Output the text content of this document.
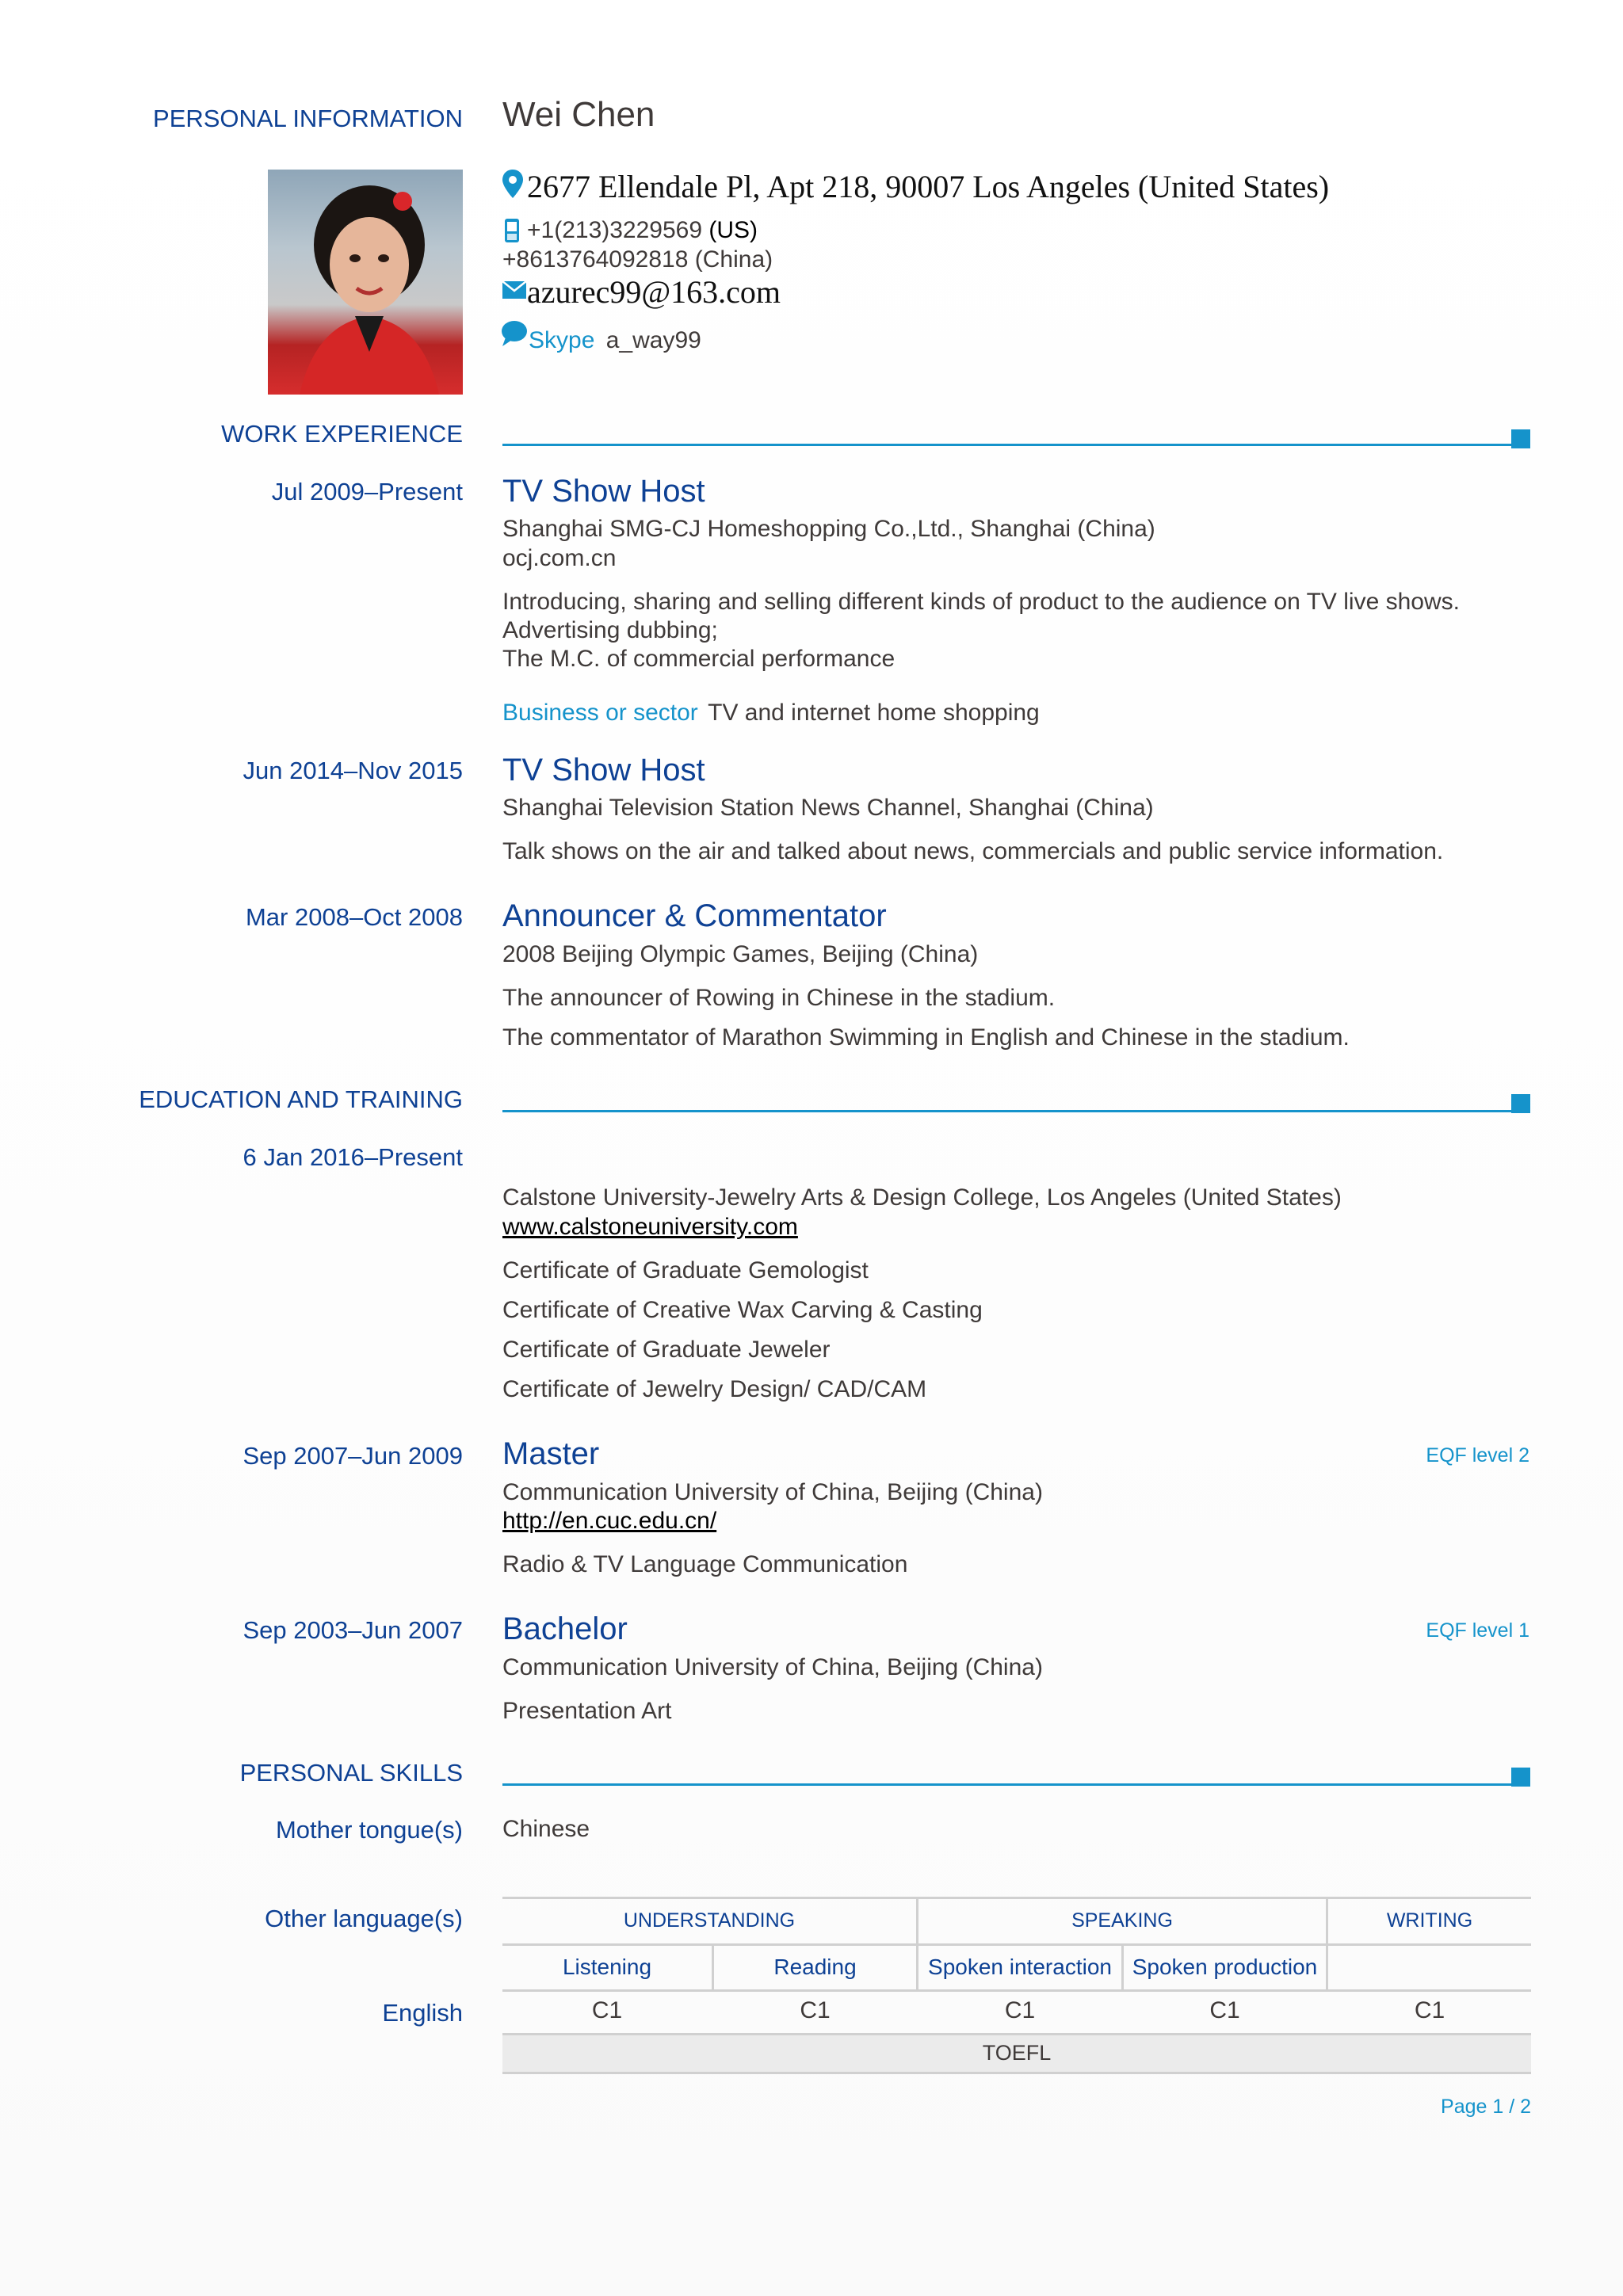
PERSONAL INFORMATION Wei Chen
2677 Ellendale Pl, Apt 218, 90007 Los Angeles (United States)
+1(213)3229569 (US)
+8613764092818 (China)
azurec99@163.com
Skype a_way99
WORK EXPERIENCE
Jul 2009–Present TV Show Host
Shanghai SMG-CJ Homeshopping Co.,Ltd., Shanghai (China)
ocj.com.cn
Introducing, sharing and selling different kinds of product to the audience on TV live shows.
Advertising dubbing;
The M.C. of commercial performance
Business or sector TV and internet home shopping
Jun 2014–Nov 2015 TV Show Host
Shanghai Television Station News Channel, Shanghai (China)
Talk shows on the air and talked about news, commercials and public service information.
Mar 2008–Oct 2008 Announcer & Commentator
2008 Beijing Olympic Games, Beijing (China)
The announcer of Rowing in Chinese in the stadium.
The commentator of Marathon Swimming in English and Chinese in the stadium.
EDUCATION AND TRAINING
6 Jan 2016–Present
Calstone University-Jewelry Arts & Design College, Los Angeles (United States)
www.calstoneuniversity.com
Certificate of Graduate Gemologist
Certificate of Creative Wax Carving & Casting
Certificate of Graduate Jeweler
Certificate of Jewelry Design/ CAD/CAM
Sep 2007–Jun 2009 Master	EQF level 2
Communication University of China, Beijing (China)
http://en.cuc.edu.cn/
Radio & TV Language Communication
Sep 2003–Jun 2007 Bachelor	EQF level 1
Communication University of China, Beijing (China)
Presentation Art
PERSONAL SKILLS
Mother tongue(s) Chinese
Other language(s)	UNDERSTANDING	SPEAKING	WRITING
Listening	Reading	Spoken interaction Spoken production
English	C1	C1	C1	C1	C1
TOEFL
Page 1 / 2
